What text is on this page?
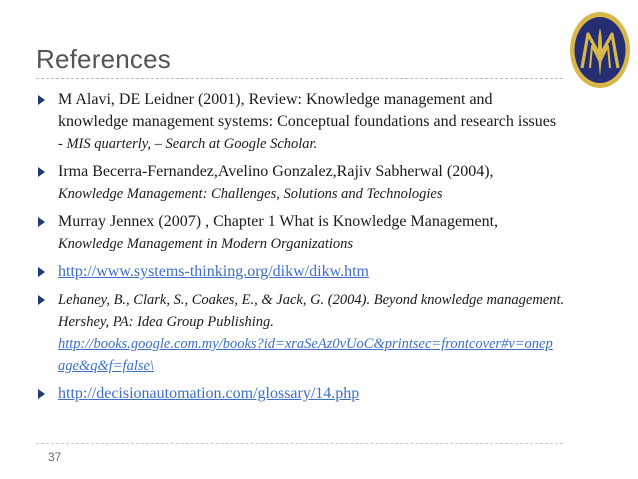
References
M Alavi, DE Leidner (2001), Review: Knowledge management and
knowledge management systems: Conceptual foundations and research issues
- MIS quarterly, – Search at Google Scholar.
Irma Becerra-Fernandez,Avelino Gonzalez,Rajiv Sabherwal (2004),
Knowledge Management: Challenges, Solutions and Technologies
Murray Jennex (2007) , Chapter 1 What is Knowledge Management,
Knowledge Management in Modern Organizations
http://www.systems-thinking.org/dikw/dikw.htm
Lehaney, B., Clark, S., Coakes, E., & Jack, G. (2004). Beyond knowledge management.
Hershey, PA: Idea Group Publishing.
http://books.google.com.my/books?id=xraSeAz0vUoC&printsec=frontcover#v=onep
age&q&f=false\
http://decisionautomation.com/glossary/14.php
37
